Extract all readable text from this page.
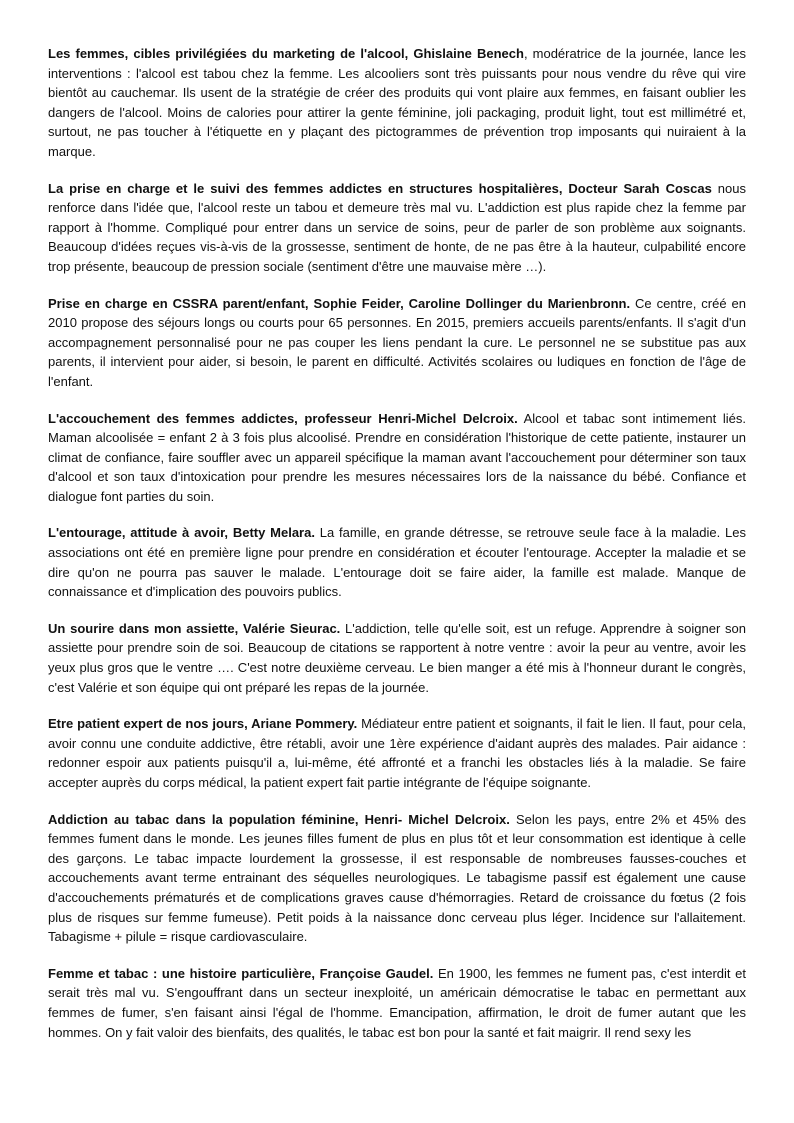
Les femmes, cibles privilégiées du marketing de l'alcool, Ghislaine Benech, modératrice de la journée, lance les interventions : l'alcool est tabou chez la femme. Les alcooliers sont très puissants pour nous vendre du rêve qui vire bientôt au cauchemar. Ils usent de la stratégie de créer des produits qui vont plaire aux femmes, en faisant oublier les dangers de l'alcool. Moins de calories pour attirer la gente féminine, joli packaging, produit light, tout est millimétré et, surtout, ne pas toucher à l'étiquette en y plaçant des pictogrammes de prévention trop imposants qui nuiraient à la marque.

La prise en charge et le suivi des femmes addictes en structures hospitalières, Docteur Sarah Coscas nous renforce dans l'idée que, l'alcool reste un tabou et demeure très mal vu. L'addiction est plus rapide chez la femme par rapport à l'homme. Compliqué pour entrer dans un service de soins, peur de parler de son problème aux soignants. Beaucoup d'idées reçues vis-à-vis de la grossesse, sentiment de honte, de ne pas être à la hauteur, culpabilité encore trop présente, beaucoup de pression sociale (sentiment d'être une mauvaise mère …).

Prise en charge en CSSRA parent/enfant, Sophie Feider, Caroline Dollinger du Marienbronn. Ce centre, créé en 2010 propose des séjours longs ou courts pour 65 personnes. En 2015, premiers accueils parents/enfants. Il s'agit d'un accompagnement personnalisé pour ne pas couper les liens pendant la cure. Le personnel ne se substitue pas aux parents, il intervient pour aider, si besoin, le parent en difficulté. Activités scolaires ou ludiques en fonction de l'âge de l'enfant.

L'accouchement des femmes addictes, professeur Henri-Michel Delcroix. Alcool et tabac sont intimement liés. Maman alcoolisée = enfant 2 à 3 fois plus alcoolisé. Prendre en considération l'historique de cette patiente, instaurer un climat de confiance, faire souffler avec un appareil spécifique la maman avant l'accouchement pour déterminer son taux d'alcool et son taux d'intoxication pour prendre les mesures nécessaires lors de la naissance du bébé. Confiance et dialogue font parties du soin.

L'entourage, attitude à avoir, Betty Melara. La famille, en grande détresse, se retrouve seule face à la maladie. Les associations ont été en première ligne pour prendre en considération et écouter l'entourage. Accepter la maladie et se dire qu'on ne pourra pas sauver le malade. L'entourage doit se faire aider, la famille est malade. Manque de connaissance et d'implication des pouvoirs publics.

Un sourire dans mon assiette, Valérie Sieurac. L'addiction, telle qu'elle soit, est un refuge. Apprendre à soigner son assiette pour prendre soin de soi. Beaucoup de citations se rapportent à notre ventre : avoir la peur au ventre, avoir les yeux plus gros que le ventre …. C'est notre deuxième cerveau. Le bien manger a été mis à l'honneur durant le congrès, c'est Valérie et son équipe qui ont préparé les repas de la journée.

Etre patient expert de nos jours, Ariane Pommery. Médiateur entre patient et soignants, il fait le lien. Il faut, pour cela, avoir connu une conduite addictive, être rétabli, avoir une 1ère expérience d'aidant auprès des malades. Pair aidance : redonner espoir aux patients puisqu'il a, lui-même, été affronté et a franchi les obstacles liés à la maladie. Se faire accepter auprès du corps médical, la patient expert fait partie intégrante de l'équipe soignante.

Addiction au tabac dans la population féminine, Henri- Michel Delcroix. Selon les pays, entre 2% et 45% des femmes fument dans le monde. Les jeunes filles fument de plus en plus tôt et leur consommation est identique à celle des garçons. Le tabac impacte lourdement la grossesse, il est responsable de nombreuses fausses-couches et accouchements avant terme entrainant des séquelles neurologiques. Le tabagisme passif est également une cause d'accouchements prématurés et de complications graves cause d'hémorragies. Retard de croissance du fœtus (2 fois plus de risques sur femme fumeuse). Petit poids à la naissance donc cerveau plus léger. Incidence sur l'allaitement. Tabagisme + pilule = risque cardiovasculaire.

Femme et tabac : une histoire particulière, Françoise Gaudel. En 1900, les femmes ne fument pas, c'est interdit et serait très mal vu. S'engouffrant dans un secteur inexploité, un américain démocratise le tabac en permettant aux femmes de fumer, s'en faisant ainsi l'égal de l'homme. Emancipation, affirmation, le droit de fumer autant que les hommes. On y fait valoir des bienfaits, des qualités, le tabac est bon pour la santé et fait maigrir. Il rend sexy les
